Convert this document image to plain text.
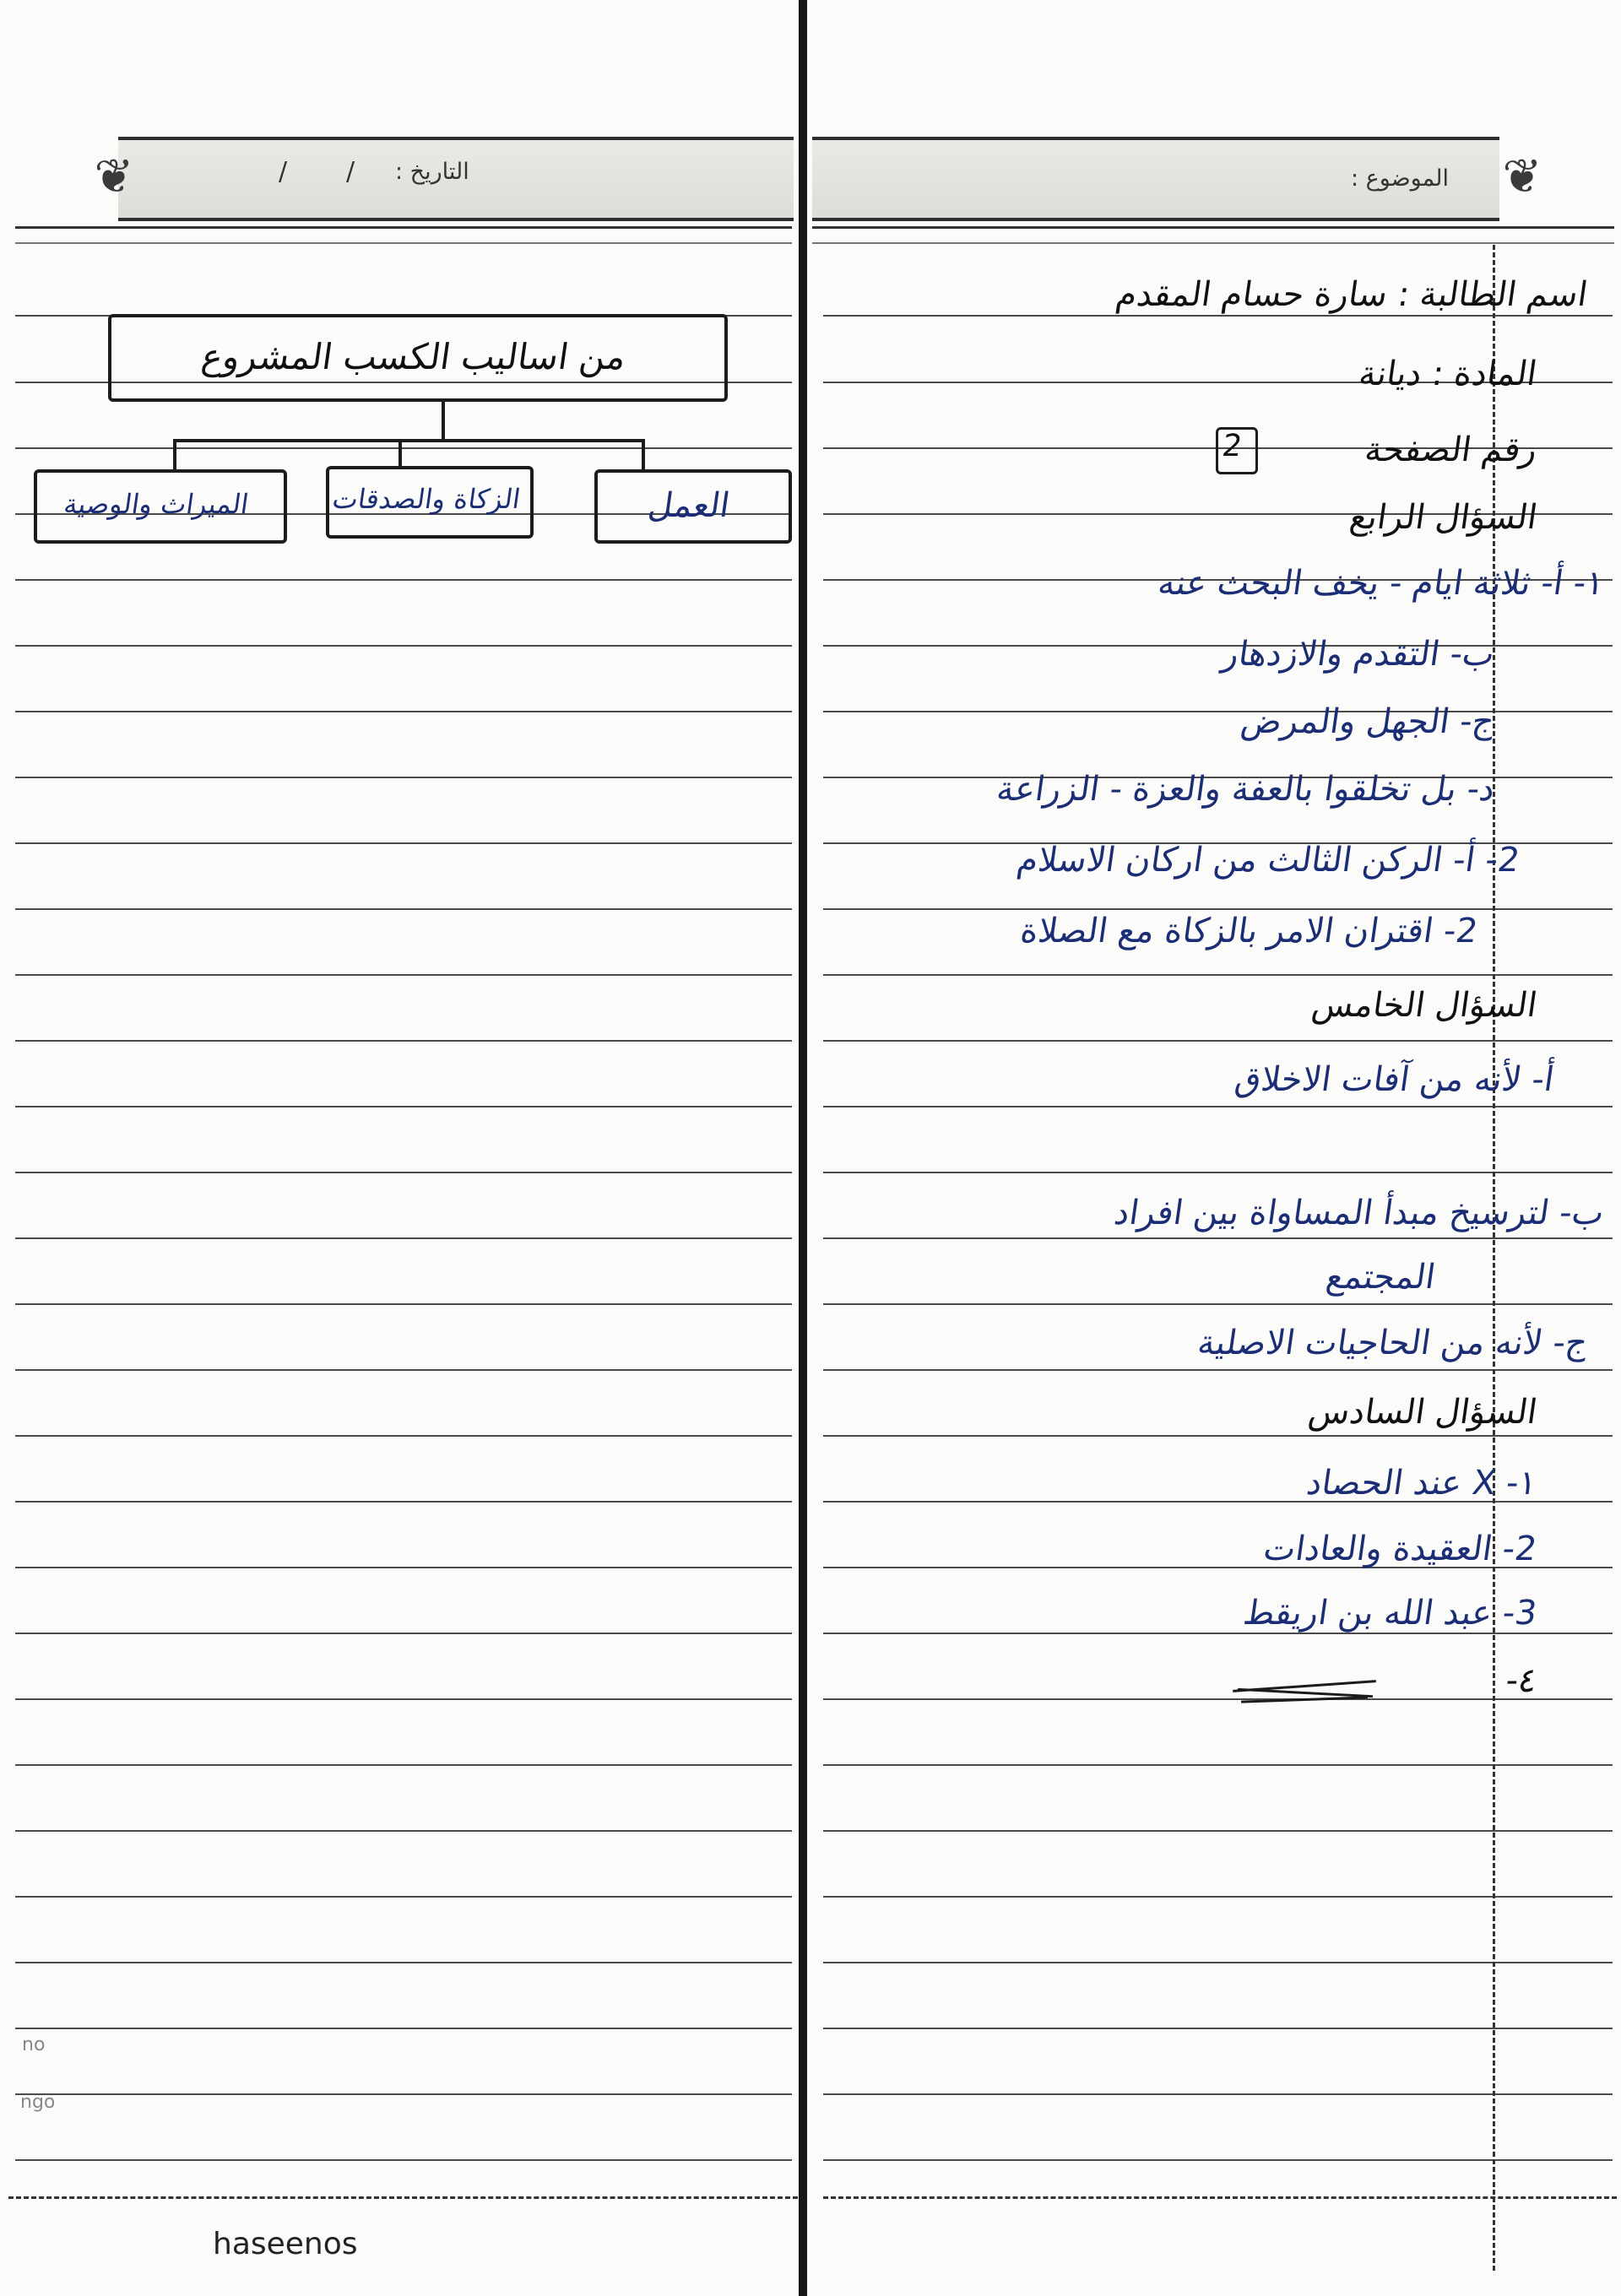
❦	❦
التاريخ :
/
/	الموضوع :
من اساليب الكسب المشروع
العمل
الزكاة والصدقات
الميراث والوصية
no
ngo
haseenos
اسم الطالبة : سارة حسام المقدم
المادة : ديانة
رقم الصفحة
2
السؤال الرابع
١- أ- ثلاثة ايام - يخف البحث عنه
ب- التقدم والازدهار
ج- الجهل والمرض
د- بل تخلقوا بالعفة والعزة - الزراعة
2- أ- الركن الثالث من اركان الاسلام
2- اقتران الامر بالزكاة مع الصلاة
السؤال الخامس
أ- لأنه من آفات الاخلاق
ب- لترسيخ مبدأ المساواة بين افراد
المجتمع
ج- لأنه من الحاجيات الاصلية
السؤال السادس
١- X عند الحصاد
2- العقيدة والعادات
3- عبد الله بن اريقط
٤-
